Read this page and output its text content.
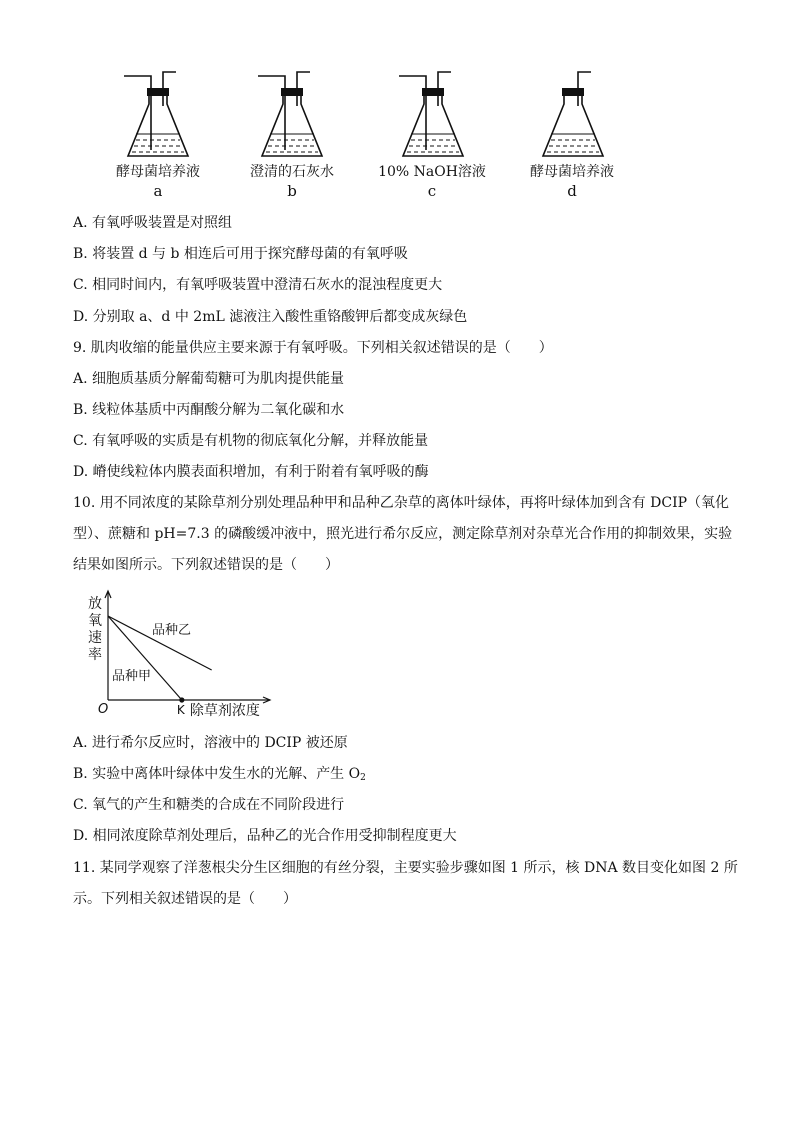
酵母菌培养液
a
澄清的石灰水
b
10% NaOH溶液
c
酵母菌培养液
d
A. 有氧呼吸装置是对照组
B. 将装置 d 与 b 相连后可用于探究酵母菌的有氧呼吸
C. 相同时间内，有氧呼吸装置中澄清石灰水的混浊程度更大
D. 分别取 a、d 中 2mL 滤液注入酸性重铬酸钾后都变成灰绿色
9. 肌肉收缩的能量供应主要来源于有氧呼吸。下列相关叙述错误的是（　　）
A. 细胞质基质分解葡萄糖可为肌肉提供能量
B. 线粒体基质中丙酮酸分解为二氧化碳和水
C. 有氧呼吸的实质是有机物的彻底氧化分解，并释放能量
D. 嵴使线粒体内膜表面积增加，有利于附着有氧呼吸的酶
10. 用不同浓度的某除草剂分别处理品种甲和品种乙杂草的离体叶绿体，再将叶绿体加到含有 DCIP（氧化
型）、蔗糖和 pH=7.3 的磷酸缓冲液中，照光进行希尔反应，测定除草剂对杂草光合作用的抑制效果，实验
结果如图所示。下列叙述错误的是（　　）
放
氧
速
率
O
品种乙
品种甲
K 除草剂浓度
A. 进行希尔反应时，溶液中的 DCIP 被还原
B. 实验中离体叶绿体中发生水的光解、产生 $O_2$
C. 氧气的产生和糖类的合成在不同阶段进行
D. 相同浓度除草剂处理后，品种乙的光合作用受抑制程度更大
11. 某同学观察了洋葱根尖分生区细胞的有丝分裂，主要实验步骤如图 1 所示，核 DNA 数目变化如图 2 所
示。下列相关叙述错误的是（　　）
